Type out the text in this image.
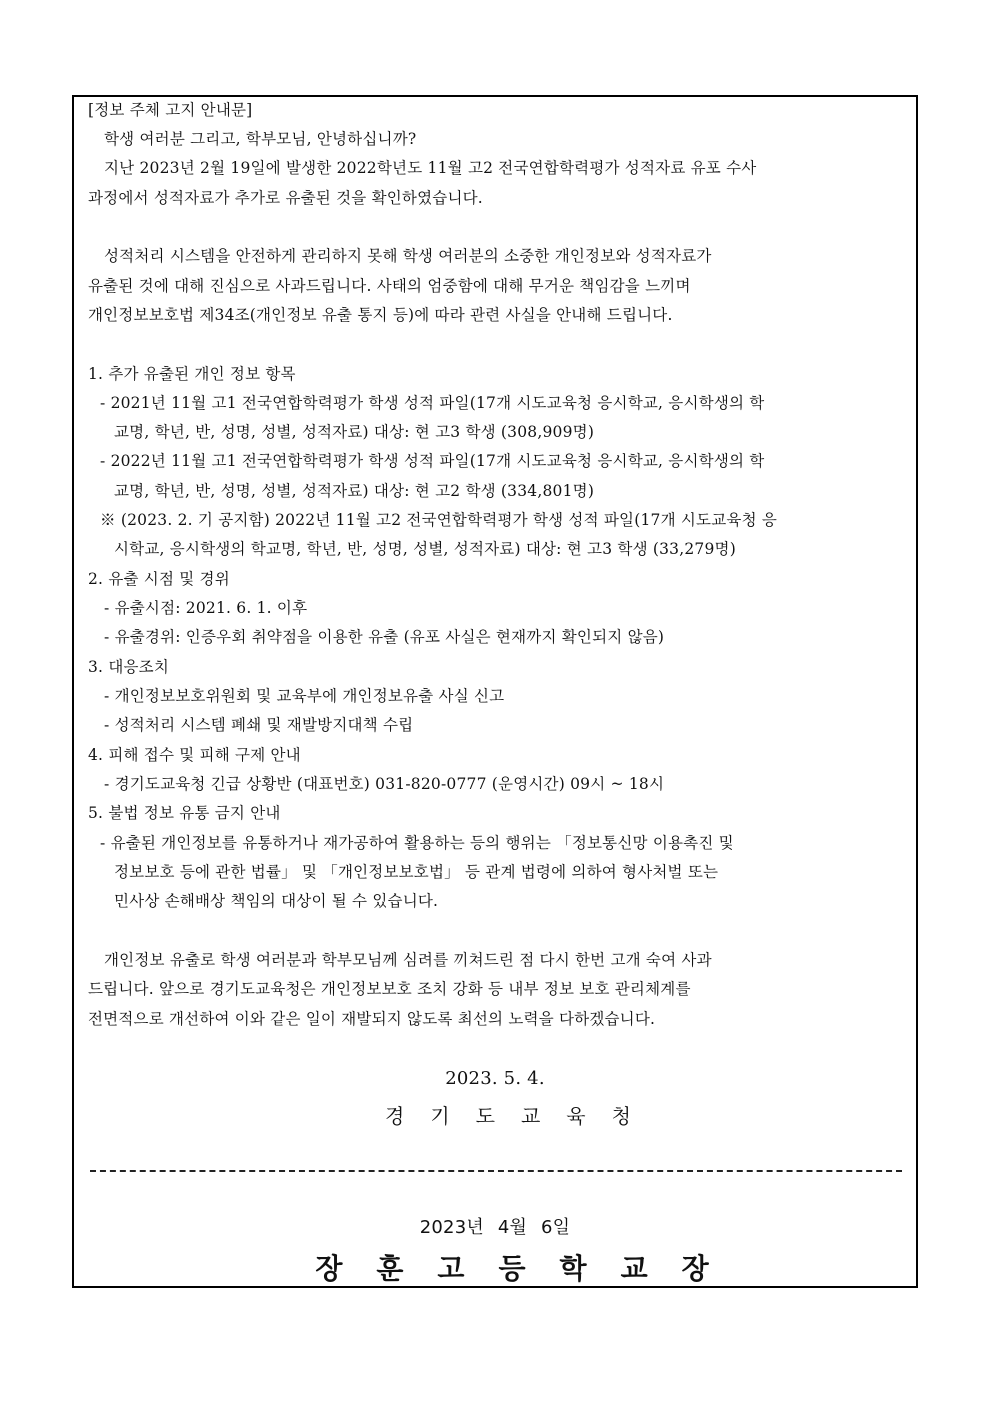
[정보 주체 고지 안내문]
학생 여러분 그리고, 학부모님, 안녕하십니까?
지난 2023년 2월 19일에 발생한 2022학년도 11월 고2 전국연합학력평가 성적자료 유포 수사
과정에서 성적자료가 추가로 유출된 것을 확인하였습니다.
성적처리 시스템을 안전하게 관리하지 못해 학생 여러분의 소중한 개인정보와 성적자료가
유출된 것에 대해 진심으로 사과드립니다. 사태의 엄중함에 대해 무거운 책임감을 느끼며
개인정보보호법 제34조(개인정보 유출 통지 등)에 따라 관련 사실을 안내해 드립니다.
1. 추가 유출된 개인 정보 항목
- 2021년 11월 고1 전국연합학력평가 학생 성적 파일(17개 시도교육청 응시학교, 응시학생의 학
교명, 학년, 반, 성명, 성별, 성적자료) 대상: 현 고3 학생 (308,909명)
- 2022년 11월 고1 전국연합학력평가 학생 성적 파일(17개 시도교육청 응시학교, 응시학생의 학
교명, 학년, 반, 성명, 성별, 성적자료) 대상: 현 고2 학생 (334,801명)
※ (2023. 2. 기 공지함) 2022년 11월 고2 전국연합학력평가 학생 성적 파일(17개 시도교육청 응
시학교, 응시학생의 학교명, 학년, 반, 성명, 성별, 성적자료) 대상: 현 고3 학생 (33,279명)
2. 유출 시점 및 경위
- 유출시점: 2021. 6. 1. 이후
- 유출경위: 인증우회 취약점을 이용한 유출 (유포 사실은 현재까지 확인되지 않음)
3. 대응조치
- 개인정보보호위원회 및 교육부에 개인정보유출 사실 신고
- 성적처리 시스템 폐쇄 및 재발방지대책 수립
4. 피해 접수 및 피해 구제 안내
- 경기도교육청 긴급 상황반 (대표번호) 031-820-0777 (운영시간) 09시 ~ 18시
5. 불법 정보 유통 금지 안내
- 유출된 개인정보를 유통하거나 재가공하여 활용하는 등의 행위는 「정보통신망 이용촉진 및
정보보호 등에 관한 법률」 및 「개인정보보호법」 등 관계 법령에 의하여 형사처벌 또는
민사상 손해배상 책임의 대상이 될 수 있습니다.
개인정보 유출로 학생 여러분과 학부모님께 심려를 끼쳐드린 점 다시 한번 고개 숙여 사과
드립니다. 앞으로 경기도교육청은 개인정보보호 조치 강화 등 내부 정보 보호 관리체계를
전면적으로 개선하여 이와 같은 일이 재발되지 않도록 최선의 노력을 다하겠습니다.
2023. 5. 4.
경기도교육청
2023년 4월 6일
장훈고등학교장
